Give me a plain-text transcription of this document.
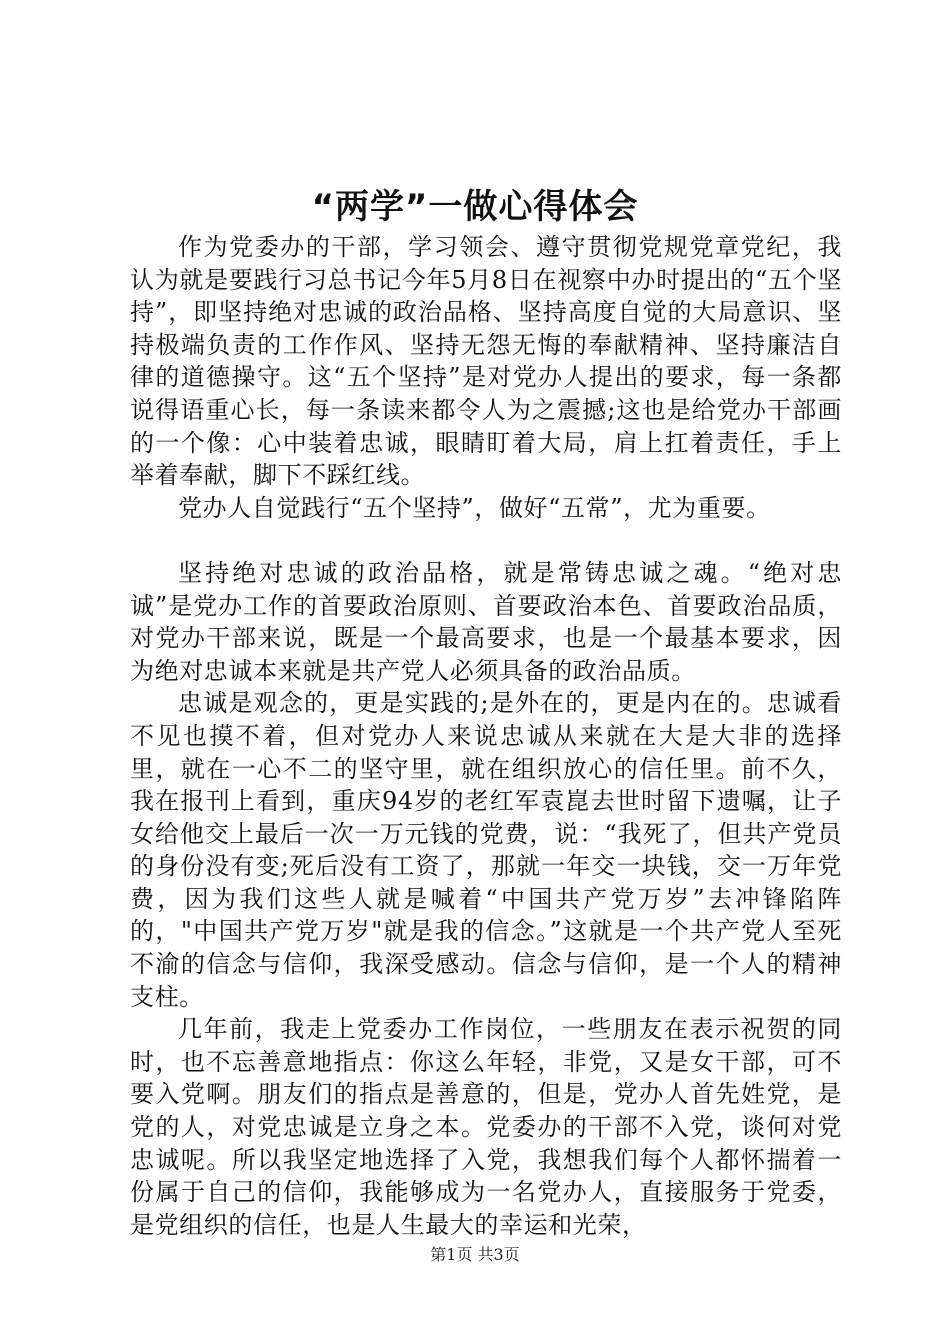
“两学”一做心得体会

作为党委办的干部，学习领会、遵守贯彻党规党章党纪，我认为就是要践行习总书记今年5月8日在视察中办时提出的“五个坚持”，即坚持绝对忠诚的政治品格、坚持高度自觉的大局意识、坚持极端负责的工作作风、坚持无怨无悔的奉献精神、坚持廉洁自律的道德操守。这“五个坚持”是对党办人提出的要求，每一条都说得语重心长，每一条读来都令人为之震撼;这也是给党办干部画的一个像：心中装着忠诚，眼睛盯着大局，肩上扛着责任，手上举着奉献，脚下不踩红线。

党办人自觉践行“五个坚持”，做好“五常”，尤为重要。

坚持绝对忠诚的政治品格，就是常铸忠诚之魂。“绝对忠诚”是党办工作的首要政治原则、首要政治本色、首要政治品质，对党办干部来说，既是一个最高要求，也是一个最基本要求，因为绝对忠诚本来就是共产党人必须具备的政治品质。

忠诚是观念的，更是实践的;是外在的，更是内在的。忠诚看不见也摸不着，但对党办人来说忠诚从来就在大是大非的选择里，就在一心不二的坚守里，就在组织放心的信任里。前不久，我在报刊上看到，重庆94岁的老红军袁崑去世时留下遗嘱，让子女给他交上最后一次一万元钱的党费，说：“我死了，但共产党员的身份没有变;死后没有工资了，那就一年交一块钱，交一万年党费，因为我们这些人就是喊着“中国共产党万岁”去冲锋陷阵的，"中国共产党万岁"就是我的信念。”这就是一个共产党人至死不渝的信念与信仰，我深受感动。信念与信仰，是一个人的精神支柱。

几年前，我走上党委办工作岗位，一些朋友在表示祝贺的同时，也不忘善意地指点：你这么年轻，非党，又是女干部，可不要入党啊。朋友们的指点是善意的，但是，党办人首先姓党，是党的人，对党忠诚是立身之本。党委办的干部不入党，谈何对党忠诚呢。所以我坚定地选择了入党，我想我们每个人都怀揣着一份属于自己的信仰，我能够成为一名党办人，直接服务于党委，是党组织的信任，也是人生最大的幸运和光荣，

第1页 共3页
